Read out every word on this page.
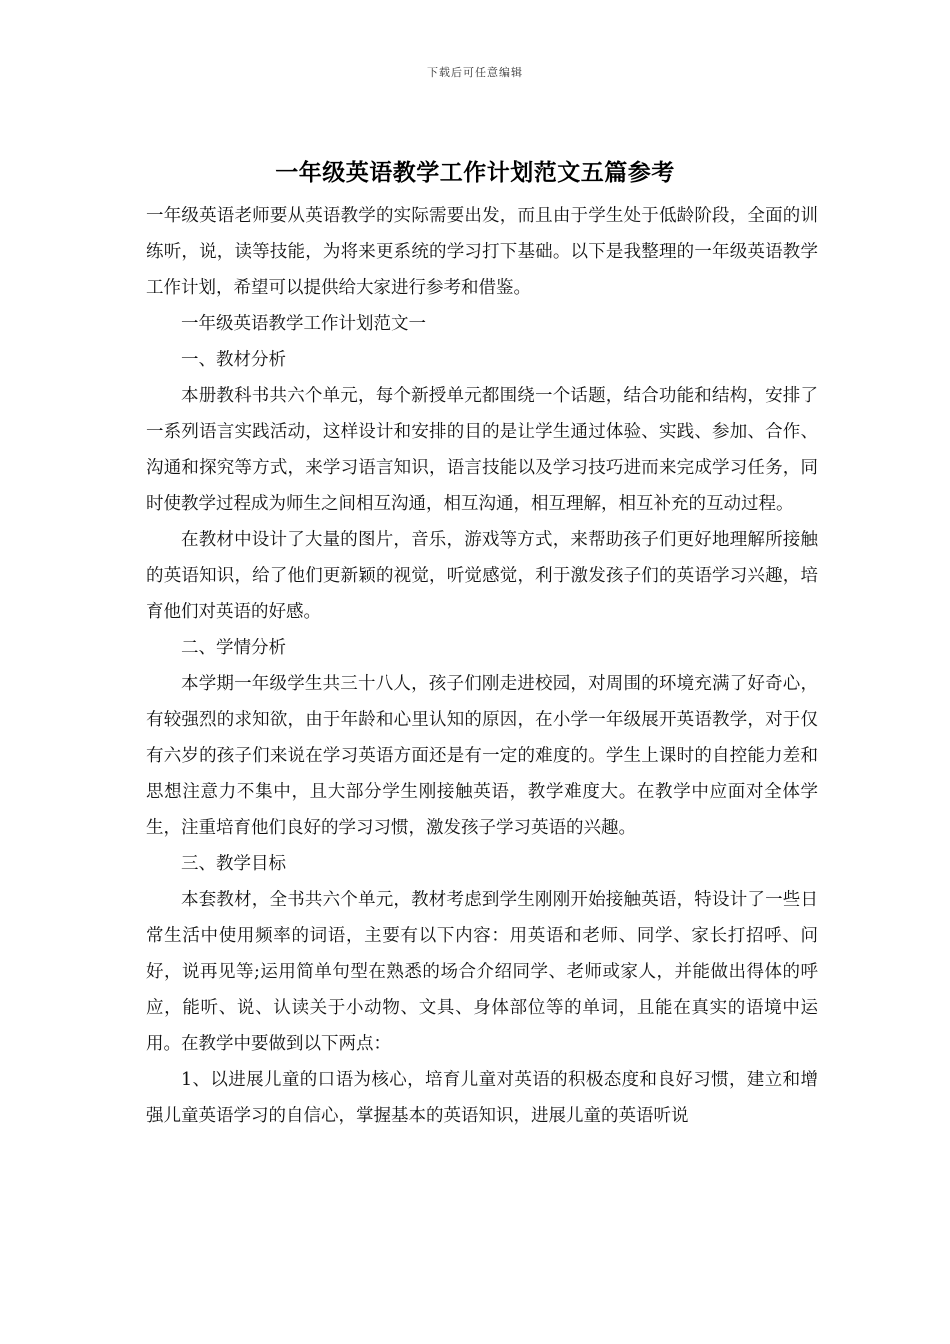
下载后可任意编辑
一年级英语教学工作计划范文五篇参考

一年级英语老师要从英语教学的实际需要出发，而且由于学生处于低龄阶段，全面的训练听，说，读等技能，为将来更系统的学习打下基础。以下是我整理的一年级英语教学工作计划，希望可以提供给大家进行参考和借鉴。

一年级英语教学工作计划范文一

一、教材分析

本册教科书共六个单元，每个新授单元都围绕一个话题，结合功能和结构，安排了一系列语言实践活动，这样设计和安排的目的是让学生通过体验、实践、参加、合作、沟通和探究等方式，来学习语言知识，语言技能以及学习技巧进而来完成学习任务，同时使教学过程成为师生之间相互沟通，相互沟通，相互理解，相互补充的互动过程。

在教材中设计了大量的图片，音乐，游戏等方式，来帮助孩子们更好地理解所接触的英语知识，给了他们更新颖的视觉，听觉感觉，利于激发孩子们的英语学习兴趣，培育他们对英语的好感。

二、学情分析

本学期一年级学生共三十八人，孩子们刚走进校园，对周围的环境充满了好奇心，有较强烈的求知欲，由于年龄和心里认知的原因，在小学一年级展开英语教学，对于仅有六岁的孩子们来说在学习英语方面还是有一定的难度的。学生上课时的自控能力差和思想注意力不集中，且大部分学生刚接触英语，教学难度大。在教学中应面对全体学生，注重培育他们良好的学习习惯，激发孩子学习英语的兴趣。

三、教学目标

本套教材，全书共六个单元，教材考虑到学生刚刚开始接触英语，特设计了一些日常生活中使用频率的词语，主要有以下内容：用英语和老师、同学、家长打招呼、问好，说再见等;运用简单句型在熟悉的场合介绍同学、老师或家人，并能做出得体的呼应，能听、说、认读关于小动物、文具、身体部位等的单词，且能在真实的语境中运用。在教学中要做到以下两点：

1、以进展儿童的口语为核心，培育儿童对英语的积极态度和良好习惯，建立和增强儿童英语学习的自信心，掌握基本的英语知识，进展儿童的英语听说
